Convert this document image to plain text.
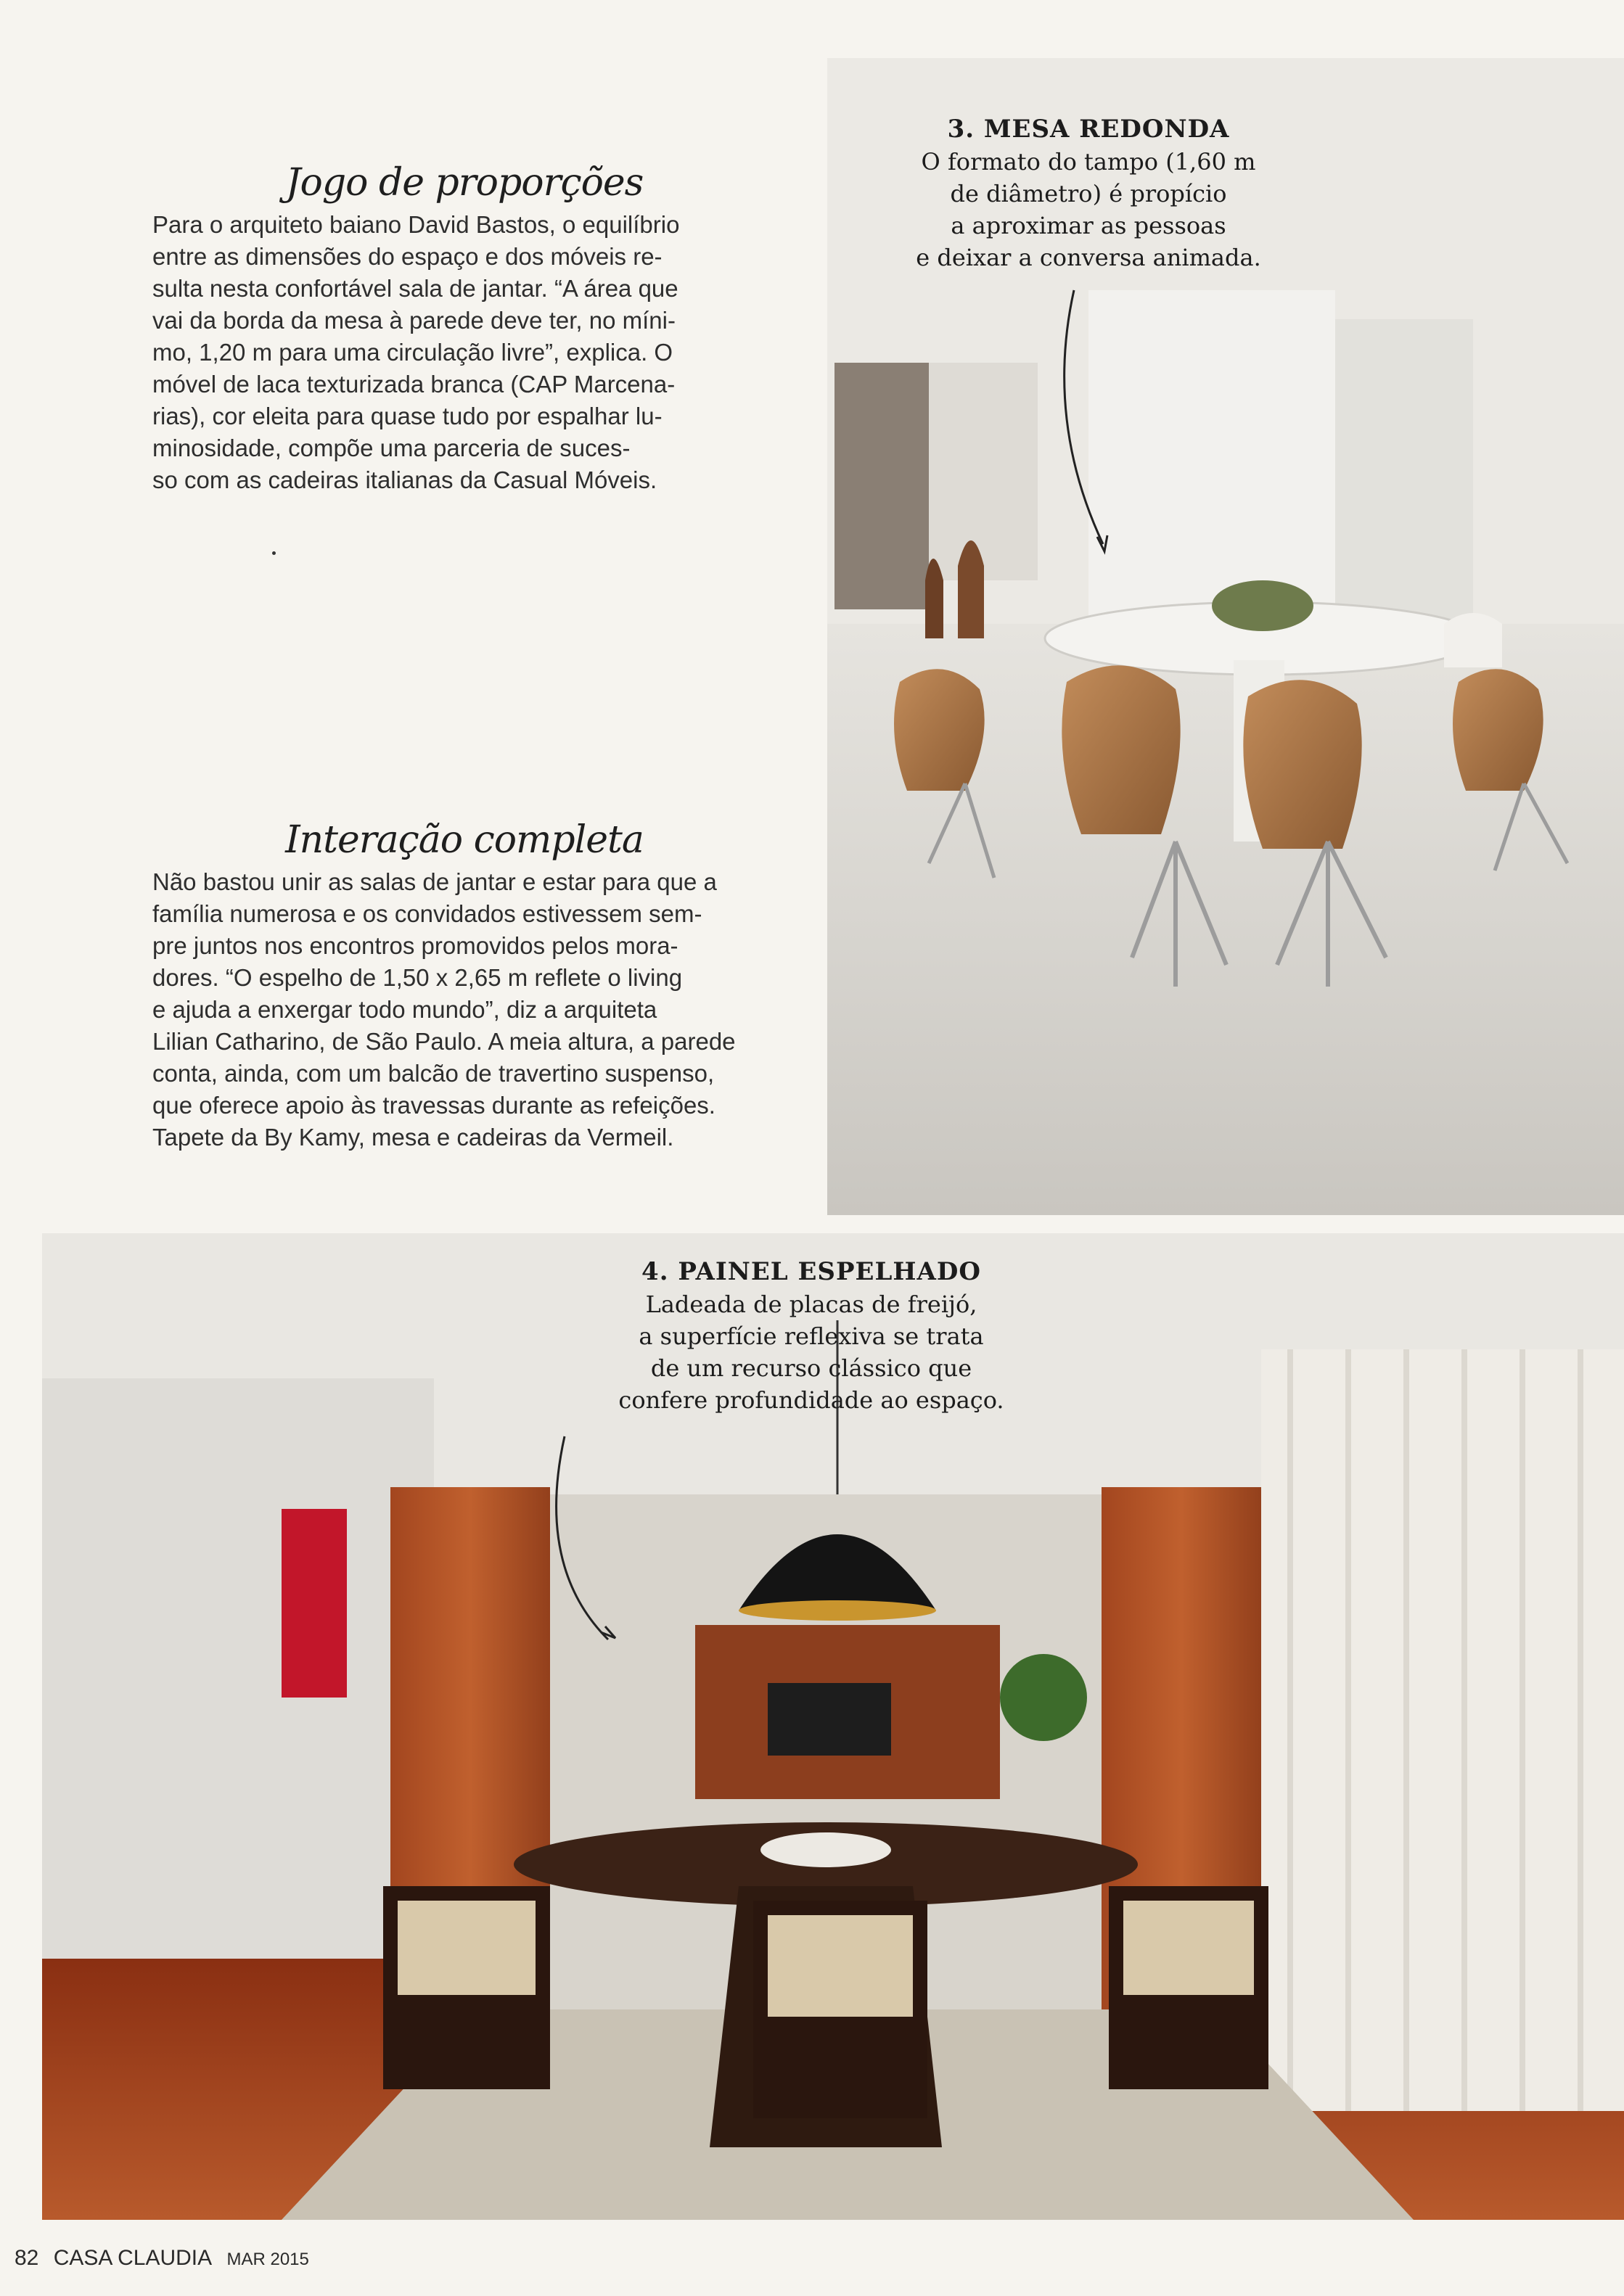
Jogo de proporções

Para o arquiteto baiano David Bastos, o equilíbrio
entre as dimensões do espaço e dos móveis re-
sulta nesta confortável sala de jantar. “A área que
vai da borda da mesa à parede deve ter, no míni-
mo, 1,20 m para uma circulação livre”, explica. O
móvel de laca texturizada branca (CAP Marcena-
rias), cor eleita para quase tudo por espalhar lu-
minosidade, compõe uma parceria de suces-
so com as cadeiras italianas da Casual Móveis.

Interação completa

Não bastou unir as salas de jantar e estar para que a
família numerosa e os convidados estivessem sem-
pre juntos nos encontros promovidos pelos mora-
dores. “O espelho de 1,50 x 2,65 m reflete o living
e ajuda a enxergar todo mundo”, diz a arquiteta
Lilian Catharino, de São Paulo. A meia altura, a parede
conta, ainda, com um balcão de travertino suspenso,
que oferece apoio às travessas durante as refeições.
Tapete da By Kamy, mesa e cadeiras da Vermeil.

3. MESA REDONDA
O formato do tampo (1,60 m
de diâmetro) é propício
a aproximar as pessoas
e deixar a conversa animada.
4. PAINEL ESPELHADO
Ladeada de placas de freijó,
a superfície reflexiva se trata
de um recurso clássico que
confere profundidade ao espaço.
82 CASA CLAUDIA MAR 2015
